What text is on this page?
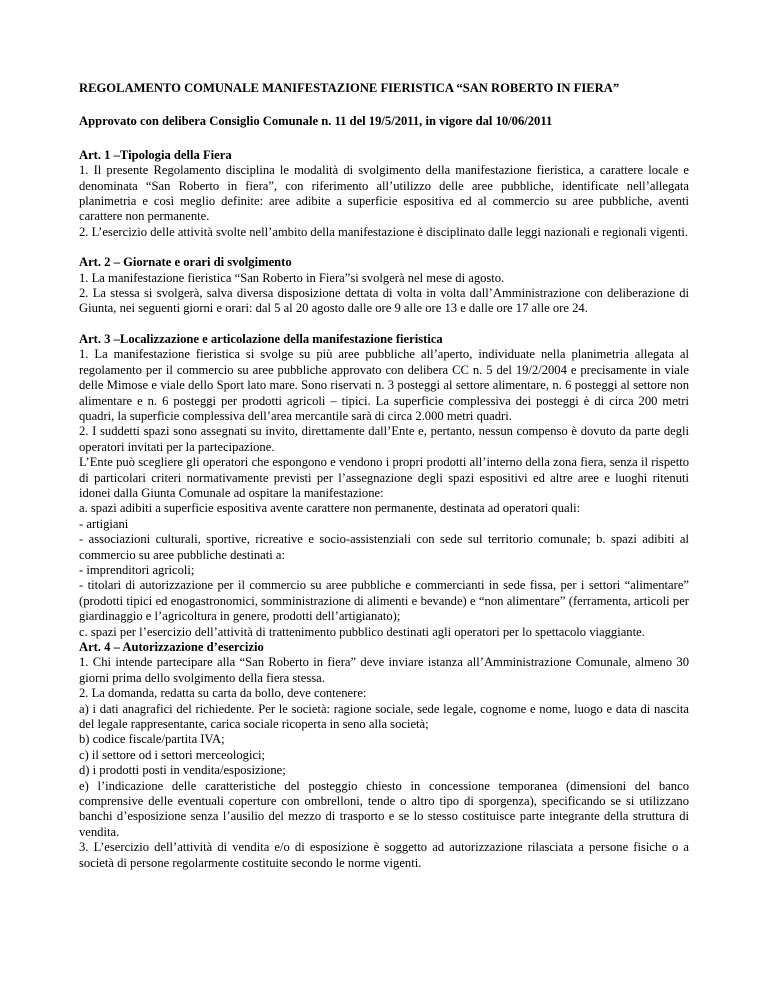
REGOLAMENTO COMUNALE MANIFESTAZIONE FIERISTICA “SAN ROBERTO IN FIERA”

Approvato con delibera Consiglio Comunale n. 11 del 19/5/2011, in vigore dal 10/06/2011

Art. 1 –Tipologia della Fiera

1. Il presente Regolamento disciplina le modalità di svolgimento della manifestazione fieristica, a carattere locale e denominata “San Roberto in fiera”, con riferimento all’utilizzo delle aree pubbliche, identificate nell’allegata planimetria e così meglio definite: aree adibite a superficie espositiva ed al commercio su aree pubbliche, aventi carattere non permanente.

2. L’esercizio delle attività svolte nell’ambito della manifestazione è disciplinato dalle leggi nazionali e regionali vigenti.

Art. 2 – Giornate e orari di svolgimento

1. La manifestazione fieristica “San Roberto in Fiera”si svolgerà nel mese di agosto.

2. La stessa si svolgerà, salva diversa disposizione dettata di volta in volta dall’Amministrazione con deliberazione di Giunta, nei seguenti giorni e orari: dal 5 al 20 agosto dalle ore 9 alle ore 13 e dalle ore 17 alle ore 24.

Art. 3 –Localizzazione e articolazione della manifestazione fieristica

1. La manifestazione fieristica si svolge su più aree pubbliche all’aperto, individuate nella planimetria allegata al regolamento per il commercio su aree pubbliche approvato con delibera CC n. 5 del 19/2/2004 e precisamente in viale delle Mimose e viale dello Sport lato mare. Sono riservati n. 3 posteggi al settore alimentare, n. 6 posteggi al settore non alimentare e n. 6 posteggi per prodotti agricoli – tipici. La superficie complessiva dei posteggi è di circa 200 metri quadri, la superficie complessiva dell’area mercantile sarà di circa 2.000 metri quadri.

2. I suddetti spazi sono assegnati su invito, direttamente dall’Ente e, pertanto, nessun compenso è dovuto da parte degli operatori invitati per la partecipazione.

L’Ente può scegliere gli operatori che espongono e vendono i propri prodotti all’interno della zona fiera, senza il rispetto di particolari criteri normativamente previsti per l’assegnazione degli spazi espositivi ed altre aree e luoghi ritenuti idonei dalla Giunta Comunale ad ospitare la manifestazione:

a. spazi adibiti a superficie espositiva avente carattere non permanente, destinata ad operatori quali:

- artigiani

- associazioni culturali, sportive, ricreative e socio-assistenziali con sede sul territorio comunale; b. spazi adibiti al commercio su aree pubbliche destinati a:

- imprenditori agricoli;

- titolari di autorizzazione per il commercio su aree pubbliche e commercianti in sede fissa, per i settori “alimentare” (prodotti tipici ed enogastronomici, somministrazione di alimenti e bevande) e “non alimentare” (ferramenta, articoli per giardinaggio e l’agricoltura in genere, prodotti dell’artigianato);

c. spazi per l’esercizio dell’attività di trattenimento pubblico destinati agli operatori per lo spettacolo viaggiante.

Art. 4 – Autorizzazione d’esercizio

1. Chi intende partecipare alla “San Roberto in fiera” deve inviare istanza all’Amministrazione Comunale, almeno 30 giorni prima dello svolgimento della fiera stessa.

2. La domanda, redatta su carta da bollo, deve contenere:

a) i dati anagrafici del richiedente. Per le società: ragione sociale, sede legale, cognome e nome, luogo e data di nascita del legale rappresentante, carica sociale ricoperta in seno alla società;

b) codice fiscale/partita IVA;

c) il settore od i settori merceologici;

d) i prodotti posti in vendita/esposizione;

e) l’indicazione delle caratteristiche del posteggio chiesto in concessione temporanea (dimensioni del banco comprensive delle eventuali coperture con ombrelloni, tende o altro tipo di sporgenza), specificando se si utilizzano banchi d’esposizione senza l’ausilio del mezzo di trasporto e se lo stesso costituisce parte integrante della struttura di vendita.

3. L’esercizio dell’attività di vendita e/o di esposizione è soggetto ad autorizzazione rilasciata a persone fisiche o a società di persone regolarmente costituite secondo le norme vigenti.
